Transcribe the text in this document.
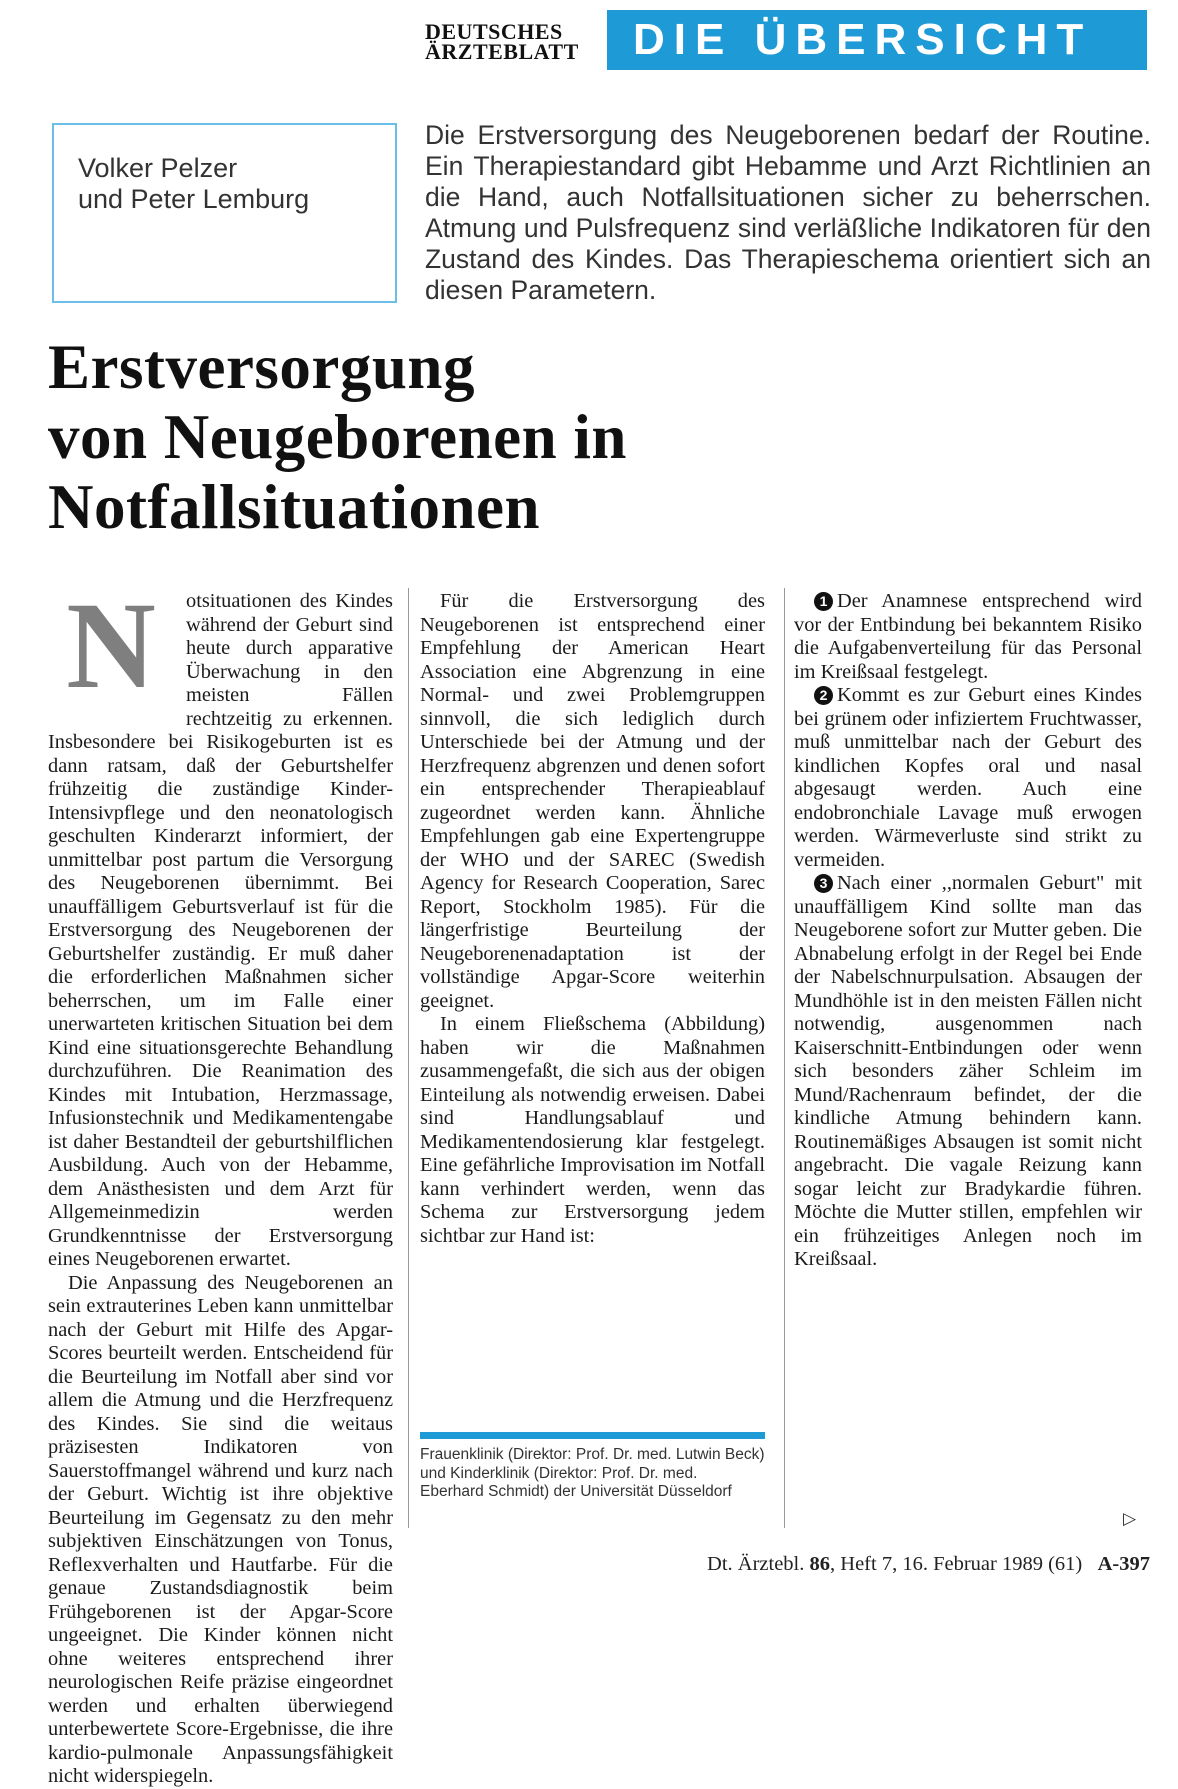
DEUTSCHES
ÄRZTEBLATT	DIE ÜBERSICHT
Volker Pelzer
und Peter Lemburg

Die Erstversorgung des Neugeborenen bedarf der Routine. Ein Therapiestandard gibt Hebamme und Arzt Richtlinien an die Hand, auch Notfallsituationen sicher zu beherrschen. Atmung und Pulsfrequenz sind verläßliche Indikatoren für den Zustand des Kindes. Das Therapieschema orientiert sich an diesen Parametern.

Erstversorgung
von Neugeborenen in
Notfallsituationen

N	otsituationen des Kindes während der Geburt sind heute durch apparative Überwachung in den meisten Fällen rechtzeitig zu erkennen. Insbesondere bei Risikogeburten ist es dann ratsam, daß der Geburtshelfer frühzeitig die zuständige Kinder-Intensivpflege und den neonatologisch geschulten Kinderarzt informiert, der unmittelbar post partum die Versorgung des Neugeborenen übernimmt. Bei unauffälligem Geburtsverlauf ist für die Erstversorgung des Neugeborenen der Geburtshelfer zuständig. Er muß daher die erforderlichen Maßnahmen sicher beherrschen, um im Falle einer unerwarteten kritischen Situation bei dem Kind eine situationsgerechte Behandlung durchzuführen. Die Reanimation des Kindes mit Intubation, Herzmassage, Infusionstechnik und Medikamentengabe ist daher Bestandteil der geburtshilflichen Ausbildung. Auch von der Hebamme, dem Anästhesisten und dem Arzt für Allgemeinmedizin werden Grundkenntnisse der Erstversorgung eines Neugeborenen erwartet.

Die Anpassung des Neugeborenen an sein extrauterines Leben kann unmittelbar nach der Geburt mit Hilfe des Apgar-Scores beurteilt werden. Entscheidend für die Beurteilung im Notfall aber sind vor allem die Atmung und die Herzfrequenz des Kindes. Sie sind die weitaus präzisesten Indikatoren von Sauerstoffmangel während und kurz nach der Geburt. Wichtig ist ihre objektive Beurteilung im Gegensatz zu den mehr subjektiven Einschätzungen von Tonus, Reflexverhalten und Hautfarbe. Für die genaue Zustandsdiagnostik beim Frühgeborenen ist der Apgar-Score ungeeignet. Die Kinder können nicht ohne weiteres entsprechend ihrer neurologischen Reife präzise eingeordnet werden und erhalten überwiegend unterbewertete Score-Ergebnisse, die ihre kardio-pulmonale Anpassungsfähigkeit nicht widerspiegeln.

Für die Erstversorgung des Neugeborenen ist entsprechend einer Empfehlung der American Heart Association eine Abgrenzung in eine Normal- und zwei Problemgruppen sinnvoll, die sich lediglich durch Unterschiede bei der Atmung und der Herzfrequenz abgrenzen und denen sofort ein entsprechender Therapieablauf zugeordnet werden kann. Ähnliche Empfehlungen gab eine Expertengruppe der WHO und der SAREC (Swedish Agency for Research Cooperation, Sarec Report, Stockholm 1985). Für die längerfristige Beurteilung der Neugeborenenadaptation ist der vollständige Apgar-Score weiterhin geeignet.

In einem Fließschema (Abbildung) haben wir die Maßnahmen zusammengefaßt, die sich aus der obigen Einteilung als notwendig erweisen. Dabei sind Handlungsablauf und Medikamentendosierung klar festgelegt. Eine gefährliche Improvisation im Notfall kann verhindert werden, wenn das Schema zur Erstversorgung jedem sichtbar zur Hand ist:

1 Der Anamnese entsprechend wird vor der Entbindung bei bekanntem Risiko die Aufgabenverteilung für das Personal im Kreißsaal festgelegt.

2 Kommt es zur Geburt eines Kindes bei grünem oder infiziertem Fruchtwasser, muß unmittelbar nach der Geburt des kindlichen Kopfes oral und nasal abgesaugt werden. Auch eine endobronchiale Lavage muß erwogen werden. Wärmeverluste sind strikt zu vermeiden.

3 Nach einer ,,normalen Geburt" mit unauffälligem Kind sollte man das Neugeborene sofort zur Mutter geben. Die Abnabelung erfolgt in der Regel bei Ende der Nabelschnurpulsation. Absaugen der Mundhöhle ist in den meisten Fällen nicht notwendig, ausgenommen nach Kaiserschnitt-Entbindungen oder wenn sich besonders zäher Schleim im Mund/Rachenraum befindet, der die kindliche Atmung behindern kann. Routinemäßiges Absaugen ist somit nicht angebracht. Die vagale Reizung kann sogar leicht zur Bradykardie führen. Möchte die Mutter stillen, empfehlen wir ein frühzeitiges Anlegen noch im Kreißsaal.

Frauenklinik (Direktor: Prof. Dr. med. Lutwin Beck) und Kinderklinik (Direktor: Prof. Dr. med. Eberhard Schmidt) der Universität Düsseldorf
▷
Dt. Ärztebl. 86, Heft 7, 16. Februar 1989 (61) A-397
